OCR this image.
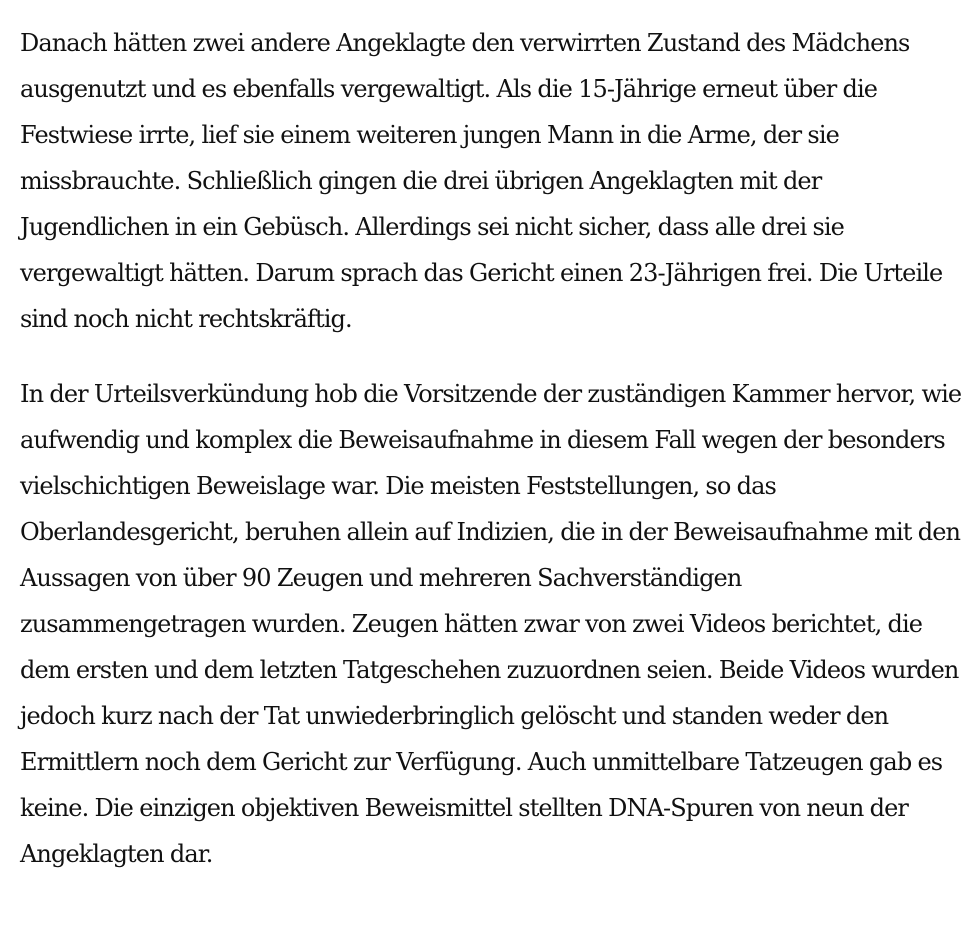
Danach hätten zwei andere Angeklagte den verwirrten Zustand des Mädchens ausgenutzt und es ebenfalls vergewaltigt. Als die 15-Jährige erneut über die Festwiese irrte, lief sie einem weiteren jungen Mann in die Arme, der sie missbrauchte. Schließlich gingen die drei übrigen Angeklagten mit der Jugendlichen in ein Gebüsch. Allerdings sei nicht sicher, dass alle drei sie vergewaltigt hätten. Darum sprach das Gericht einen 23-Jährigen frei. Die Urteile sind noch nicht rechtskräftig.

In der Urteilsverkündung hob die Vorsitzende der zuständigen Kammer hervor, wie aufwendig und komplex die Beweisaufnahme in diesem Fall wegen der besonders vielschichtigen Beweislage war. Die meisten Feststellungen, so das Oberlandesgericht, beruhen allein auf Indizien, die in der Beweisaufnahme mit den Aussagen von über 90 Zeugen und mehreren Sachverständigen zusammengetragen wurden. Zeugen hätten zwar von zwei Videos berichtet, die dem ersten und dem letzten Tatgeschehen zuzuordnen seien. Beide Videos wurden jedoch kurz nach der Tat unwiederbringlich gelöscht und standen weder den Ermittlern noch dem Gericht zur Verfügung. Auch unmittelbare Tatzeugen gab es keine. Die einzigen objektiven Beweismittel stellten DNA-Spuren von neun der Angeklagten dar.
